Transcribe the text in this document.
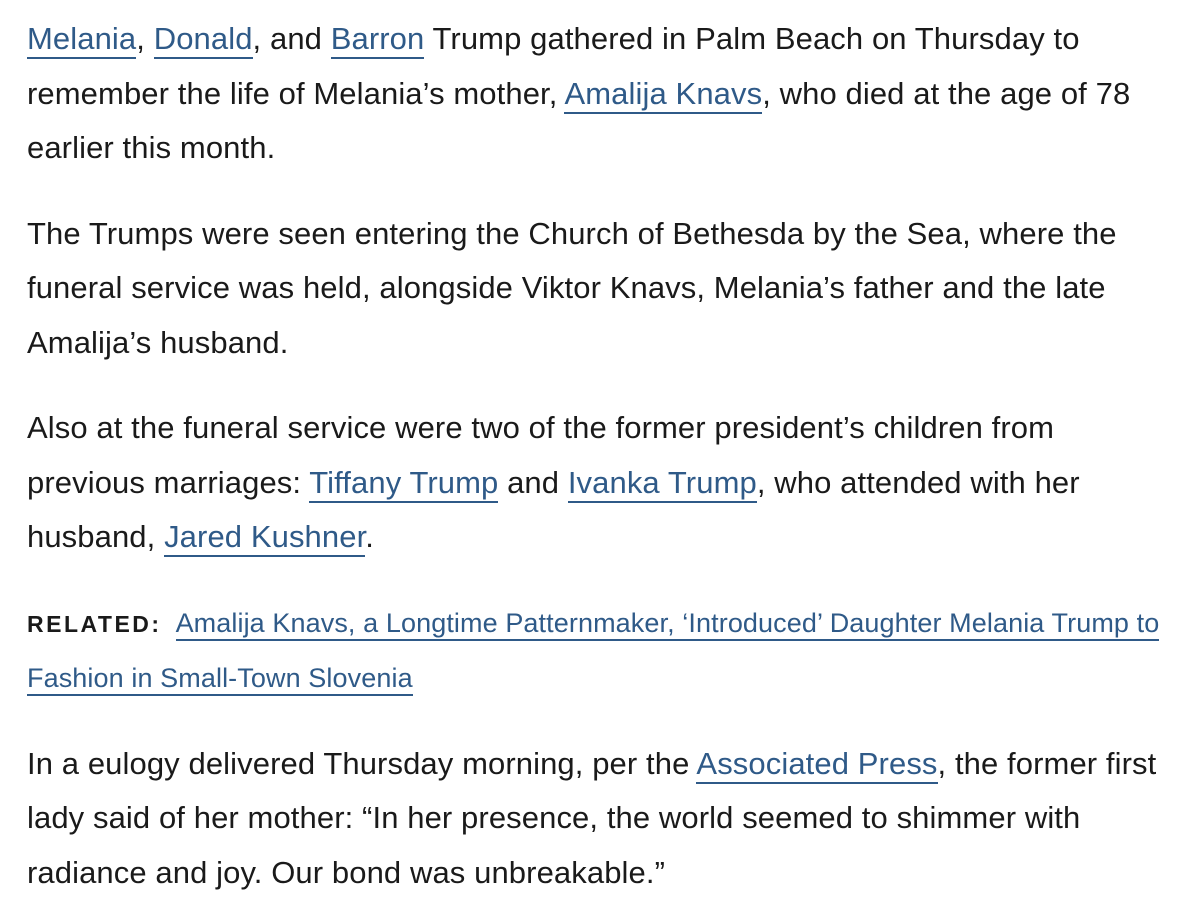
Melania, Donald, and Barron Trump gathered in Palm Beach on Thursday to remember the life of Melania’s mother, Amalija Knavs, who died at the age of 78 earlier this month.

The Trumps were seen entering the Church of Bethesda by the Sea, where the funeral service was held, alongside Viktor Knavs, Melania’s father and the late Amalija’s husband.

Also at the funeral service were two of the former president’s children from previous marriages: Tiffany Trump and Ivanka Trump, who attended with her husband, Jared Kushner.

RELATED: Amalija Knavs, a Longtime Patternmaker, ‘Introduced’ Daughter Melania Trump to Fashion in Small-Town Slovenia

In a eulogy delivered Thursday morning, per the Associated Press, the former first lady said of her mother: “In her presence, the world seemed to shimmer with radiance and joy. Our bond was unbreakable.”
